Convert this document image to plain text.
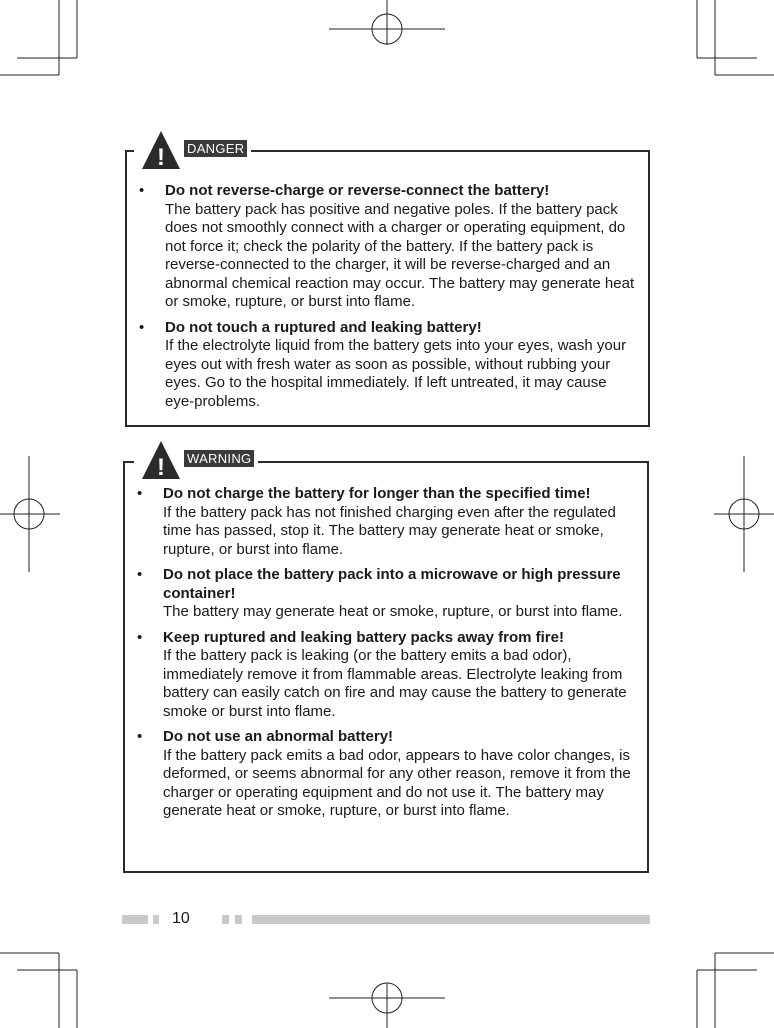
• Do not reverse-charge or reverse-connect the battery!
The battery pack has positive and negative poles. If the battery pack does not smoothly connect with a charger or operating equipment, do not force it; check the polarity of the battery. If the battery pack is reverse-connected to the charger, it will be reverse-charged and an abnormal chemical reaction may occur. The battery may generate heat or smoke, rupture, or burst into flame.
• Do not touch a ruptured and leaking battery!
If the electrolyte liquid from the battery gets into your eyes, wash your eyes out with fresh water as soon as possible, without rubbing your eyes. Go to the hospital immediately. If left untreated, it may cause eye-problems.
! DANGER
• Do not charge the battery for longer than the specified time!
If the battery pack has not finished charging even after the regulated time has passed, stop it. The battery may generate heat or smoke, rupture, or burst into flame.
• Do not place the battery pack into a microwave or high pressure container!
The battery may generate heat or smoke, rupture, or burst into flame.
• Keep ruptured and leaking battery packs away from fire!
If the battery pack is leaking (or the battery emits a bad odor), immediately remove it from flammable areas. Electrolyte leaking from battery can easily catch on fire and may cause the battery to generate smoke or burst into flame.
• Do not use an abnormal battery!
If the battery pack emits a bad odor, appears to have color changes, is deformed, or seems abnormal for any other reason, remove it from the charger or operating equipment and do not use it. The battery may generate heat or smoke, rupture, or burst into flame.
! WARNING
10
